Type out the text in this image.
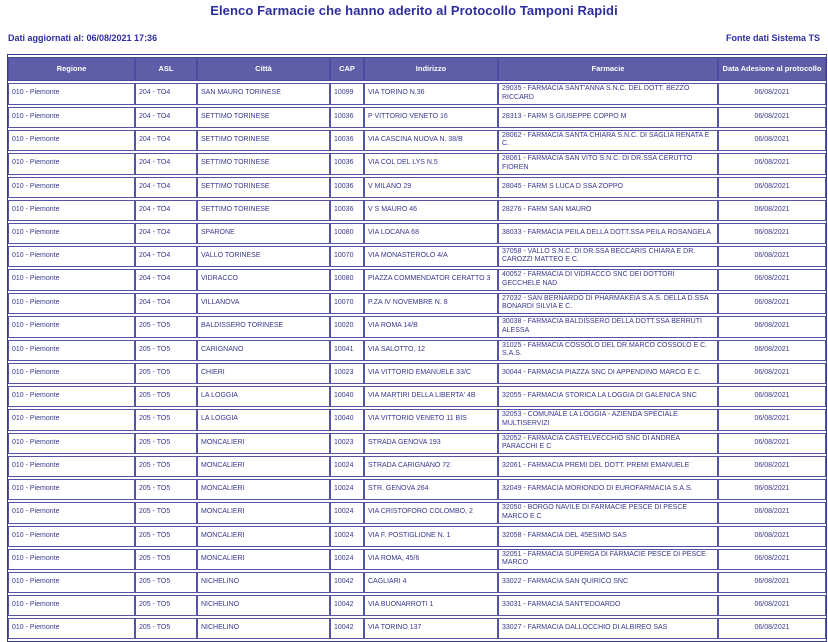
Elenco Farmacie che hanno aderito al Protocollo Tamponi Rapidi
Dati aggiornati al: 06/08/2021 17:36	Fonte dati Sistema TS
Regione	ASL	Città	CAP	Indirizzo	Farmacie	Data Adesione al protocollo
010 - Piemonte	204 - TO4	SAN MAURO TORINESE	10099	VIA TORINO N.36	29035 - FARMACIA SANT'ANNA S.N.C. DEL DOTT. BEZZO RICCARD	06/08/2021
010 - Piemonte	204 - TO4	SETTIMO TORINESE	10036	P VITTORIO VENETO 16	28313 - FARM S GIUSEPPE COPPO M	06/08/2021
010 - Piemonte	204 - TO4	SETTIMO TORINESE	10036	VIA CASCINA NUOVA N. 38/B	28062 - FARMACIA SANTA CHIARA S.N.C. DI SAGLIA RENATA E C.	06/08/2021
010 - Piemonte	204 - TO4	SETTIMO TORINESE	10036	VIA COL DEL LYS N.5	28061 - FARMACIA SAN VITO S.N.C. DI DR.SSA CERUTTO FIOREN	06/08/2021
010 - Piemonte	204 - TO4	SETTIMO TORINESE	10036	V MILANO 29	28045 - FARM S LUCA D SSA ZOPPO	06/08/2021
010 - Piemonte	204 - TO4	SETTIMO TORINESE	10036	V S MAURO 46	28276 - FARM SAN MAURO	06/08/2021
010 - Piemonte	204 - TO4	SPARONE	10080	VIA LOCANA 68	38033 - FARMACIA PEILA DELLA DOTT.SSA PEILA ROSANGELA	06/08/2021
010 - Piemonte	204 - TO4	VALLO TORINESE	10070	VIA MONASTEROLO 4/A	37058 - VALLO S.N.C. DI DR.SSA BECCARIS CHIARA E DR. CAROZZI MATTEO E C.	06/08/2021
010 - Piemonte	204 - TO4	VIDRACCO	10080	PIAZZA COMMENDATOR CERATTO 3	40052 - FARMACIA DI VIDRACCO SNC DEI DOTTORI GECCHELE NAD	06/08/2021
010 - Piemonte	204 - TO4	VILLANOVA	10070	P.ZA IV NOVEMBRE N. 8	27032 - SAN BERNARDO DI PHARMAKEIA S.A.S. DELLA D.SSA BONARDI SILVIA E C.	06/08/2021
010 - Piemonte	205 - TO5	BALDISSERO TORINESE	10020	VIA ROMA 14/B	30038 - FARMACIA BALDISSERO DELLA DOTT.SSA BERRUTI ALESSA	06/08/2021
010 - Piemonte	205 - TO5	CARIGNANO	10041	VIA SALOTTO, 12	31025 - FARMACIA COSSOLO DEL DR.MARCO COSSOLO E C. S.A.S.	06/08/2021
010 - Piemonte	205 - TO5	CHIERI	10023	VIA VITTORIO EMANUELE 33/C	30044 - FARMACIA PIAZZA SNC DI APPENDINO MARCO E C.	06/08/2021
010 - Piemonte	205 - TO5	LA LOGGIA	10040	VIA MARTIRI DELLA LIBERTA' 4B	32055 - FARMACIA STORICA LA LOGGIA DI GALENICA SNC	06/08/2021
010 - Piemonte	205 - TO5	LA LOGGIA	10040	VIA VITTORIO VENETO 11 BIS	32053 - COMUNALE LA LOGGIA - AZIENDA SPECIALE MULTISERVIZI	06/08/2021
010 - Piemonte	205 - TO5	MONCALIERI	10023	STRADA GENOVA 193	32052 - FARMACIA CASTELVECCHIO SNC DI ANDREA PARACCHI E C	06/08/2021
010 - Piemonte	205 - TO5	MONCALIERI	10024	STRADA CARIGNANO 72	32061 - FARMACIA PREMI DEL DOTT. PREMI EMANUELE	06/08/2021
010 - Piemonte	205 - TO5	MONCALIERI	10024	STR. GENOVA 264	32049 - FARMACIA MORIONDO DI EUROFARMACIA S.A.S.	06/08/2021
010 - Piemonte	205 - TO5	MONCALIERI	10024	VIA CRISTOFORO COLOMBO, 2	32050 - BORGO NAVILE DI FARMACIE PESCE DI PESCE MARCO E C	06/08/2021
010 - Piemonte	205 - TO5	MONCALIERI	10024	VIA F. POSTIGLIONE N. 1	32058 - FARMACIA DEL 45ESIMO SAS	06/08/2021
010 - Piemonte	205 - TO5	MONCALIERI	10024	VIA ROMA, 45/6	32051 - FARMACIA SUPERGA DI FARMACIE PESCE DI PESCE MARCO	06/08/2021
010 - Piemonte	205 - TO5	NICHELINO	10042	CAGLIARI 4	33022 - FARMACIA SAN QUIRICO SNC	06/08/2021
010 - Piemonte	205 - TO5	NICHELINO	10042	VIA BUONARROTI 1	33031 - FARMACIA SANT'EDOARDO	06/08/2021
010 - Piemonte	205 - TO5	NICHELINO	10042	VIA TORINO 137	33027 - FARMACIA DALLOCCHIO DI ALBIREO SAS	06/08/2021
